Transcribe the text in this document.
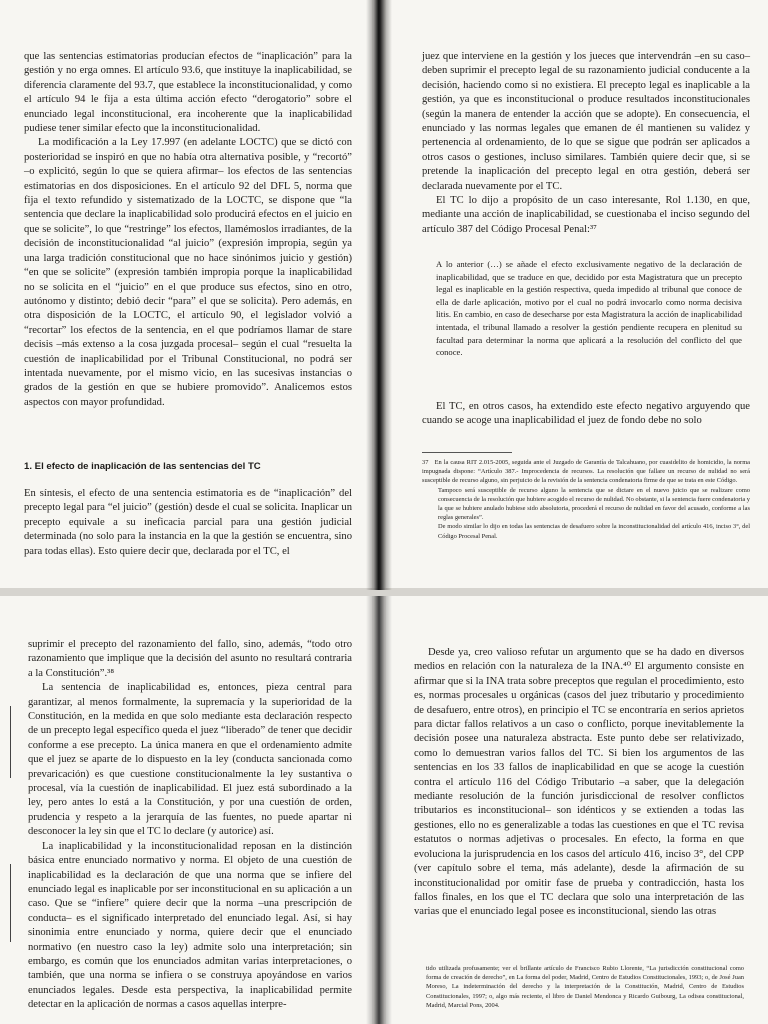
que las sentencias estimatorias producían efectos de “inaplicación” para la gestión y no erga omnes. El artículo 93.6, que instituye la inaplicabilidad, se diferencia claramente del 93.7, que establece la inconstitucionalidad, y como el artículo 94 le fija a esta última acción efecto “derogatorio” sobre el enunciado legal inconstitucional, era incoherente que la inaplicabilidad pudiese tener similar efecto que la inconstitucionalidad.

La modificación a la Ley 17.997 (en adelante LOCTC) que se dictó con posterioridad se inspiró en que no había otra alternativa posible, y “recortó” –o explicitó, según lo que se quiera afirmar– los efectos de las sentencias estimatorias en dos disposiciones. En el artículo 92 del DFL 5, norma que fija el texto refundido y sistematizado de la LOCTC, se dispone que “la sentencia que declare la inaplicabilidad solo producirá efectos en el juicio en que se solicite”, lo que “restringe” los efectos, llamémoslos irradiantes, de la decisión de inconstitucionalidad “al juicio” (expresión impropia, según ya una larga tradición constitucional que no hace sinónimos juicio y gestión) “en que se solicite” (expresión también impropia porque la inaplicabilidad no se solicita en el “juicio” en el que produce sus efectos, sino en otro, autónomo y distinto; debió decir “para” el que se solicita). Pero además, en otra disposición de la LOCTC, el artículo 90, el legislador volvió a “recortar” los efectos de la sentencia, en el que podríamos llamar de stare decisis –más extenso a la cosa juzgada procesal– según el cual “resuelta la cuestión de inaplicabilidad por el Tribunal Constitucional, no podrá ser intentada nuevamente, por el mismo vicio, en las sucesivas instancias o grados de la gestión en que se hubiere promovido”. Analicemos estos aspectos con mayor profundidad.

1. El efecto de inaplicación de las sentencias del TC

En síntesis, el efecto de una sentencia estimatoria es de “inaplicación” del precepto legal para “el juicio” (gestión) desde el cual se solicita. Inaplicar un precepto equivale a su ineficacia parcial para una gestión judicial determinada (no solo para la instancia en la que la gestión se encuentra, sino para todas ellas). Esto quiere decir que, declarada por el TC, el

juez que interviene en la gestión y los jueces que intervendrán –en su caso– deben suprimir el precepto legal de su razonamiento judicial conducente a la decisión, haciendo como si no existiera. El precepto legal es inaplicable a la gestión, ya que es inconstitucional o produce resultados inconstitucionales (según la manera de entender la acción que se adopte). En consecuencia, el enunciado y las normas legales que emanen de él mantienen su validez y pertenencia al ordenamiento, de lo que se sigue que podrán ser aplicados a otros casos o gestiones, incluso similares. También quiere decir que, si se pretende la inaplicación del precepto legal en otra gestión, deberá ser declarada nuevamente por el TC.

El TC lo dijo a propósito de un caso interesante, Rol 1.130, en que, mediante una acción de inaplicabilidad, se cuestionaba el inciso segundo del artículo 387 del Código Procesal Penal:³⁷

A lo anterior (…) se añade el efecto exclusivamente negativo de la declaración de inaplicabilidad, que se traduce en que, decidido por esta Magistratura que un precepto legal es inaplicable en la gestión respectiva, queda impedido al tribunal que conoce de ella de darle aplicación, motivo por el cual no podrá invocarlo como norma decisiva litis. En cambio, en caso de desecharse por esta Magistratura la acción de inaplicabilidad intentada, el tribunal llamado a resolver la gestión pendiente recupera en plenitud su facultad para determinar la norma que aplicará a la resolución del conflicto del que conoce.

El TC, en otros casos, ha extendido este efecto negativo arguyendo que cuando se acoge una inaplicabilidad el juez de fondo debe no solo

37 En la causa RIT 2.015-2005, seguida ante el Juzgado de Garantía de Talcahuano, por cuasidelito de homicidio, la norma impugnada dispone: “Artículo 387.- Improcedencia de recursos. La resolución que fallare un recurso de nulidad no será susceptible de recurso alguno, sin perjuicio de la revisión de la sentencia condenatoria firme de que se trata en este Código.

Tampoco será susceptible de recurso alguno la sentencia que se dictare en el nuevo juicio que se realizare como consecuencia de la resolución que hubiere acogido el recurso de nulidad. No obstante, si la sentencia fuere condenatoria y la que se hubiere anulado hubiese sido absolutoria, procederá el recurso de nulidad en favor del acusado, conforme a las reglas generales”.

De modo similar lo dijo en todas las sentencias de desafuero sobre la inconstitucionalidad del artículo 416, inciso 3°, del Código Procesal Penal.

suprimir el precepto del razonamiento del fallo, sino, además, “todo otro razonamiento que implique que la decisión del asunto no resultará contraria a la Constitución”.³⁸

La sentencia de inaplicabilidad es, entonces, pieza central para garantizar, al menos formalmente, la supremacía y la superioridad de la Constitución, en la medida en que solo mediante esta declaración respecto de un precepto legal específico queda el juez “liberado” de tener que decidir conforme a ese precepto. La única manera en que el ordenamiento admite que el juez se aparte de lo dispuesto en la ley (conducta sancionada como prevaricación) es que cuestione constitucionalmente la ley sustantiva o procesal, vía la cuestión de inaplicabilidad. El juez está subordinado a la ley, pero antes lo está a la Constitución, y por una cuestión de orden, prudencia y respeto a la jerarquía de las fuentes, no puede apartar ni desconocer la ley sin que el TC lo declare (y autorice) así.

La inaplicabilidad y la inconstitucionalidad reposan en la distinción básica entre enunciado normativo y norma. El objeto de una cuestión de inaplicabilidad es la declaración de que una norma que se infiere del enunciado legal es inaplicable por ser inconstitucional en su aplicación a un caso. Que se “infiere” quiere decir que la norma –una prescripción de conducta– es el significado interpretado del enunciado legal. Así, si hay sinonimia entre enunciado y norma, quiere decir que el enunciado normativo (en nuestro caso la ley) admite solo una interpretación; sin embargo, es común que los enunciados admitan varias interpretaciones, o también, que una norma se infiera o se construya apoyándose en varios enunciados legales. Desde esta perspectiva, la inaplicabilidad permite detectar en la aplicación de normas a casos aquellas interpre-

Desde ya, creo valioso refutar un argumento que se ha dado en diversos medios en relación con la naturaleza de la INA.⁴⁰ El argumento consiste en afirmar que si la INA trata sobre preceptos que regulan el procedimiento, esto es, normas procesales u orgánicas (casos del juez tributario y procedimiento de desafuero, entre otros), en principio el TC se encontraría en serios aprietos para dictar fallos relativos a un caso o conflicto, porque inevitablemente la decisión posee una naturaleza abstracta. Este punto debe ser relativizado, como lo demuestran varios fallos del TC. Si bien los argumentos de las sentencias en los 33 fallos de inaplicabilidad en que se acoge la cuestión contra el artículo 116 del Código Tributario –a saber, que la delegación mediante resolución de la función jurisdiccional de resolver conflictos tributarios es inconstitucional– son idénticos y se extienden a todas las gestiones, ello no es generalizable a todas las cuestiones en que el TC revisa estatutos o normas adjetivas o procesales. En efecto, la forma en que evoluciona la jurisprudencia en los casos del artículo 416, inciso 3°, del CPP (ver capítulo sobre el tema, más adelante), desde la afirmación de su inconstitucionalidad por omitir fase de prueba y contradicción, hasta los fallos finales, en los que el TC declara que solo una interpretación de las varias que el enunciado legal posee es inconstitucional, siendo las otras

tido utilizada profusamente; ver el brillante artículo de Francisco Rubio Llorente, “La jurisdicción constitucional como forma de creación de derecho”, en La forma del poder, Madrid, Centro de Estudios Constitucionales, 1993; o, de José Juan Moreso, La indeterminación del derecho y la interpretación de la Constitución, Madrid, Centro de Estudios Constitucionales, 1997; o, algo más reciente, el libro de Daniel Mendonca y Ricardo Guibourg, La odisea constitucional, Madrid, Marcial Pons, 2004.
